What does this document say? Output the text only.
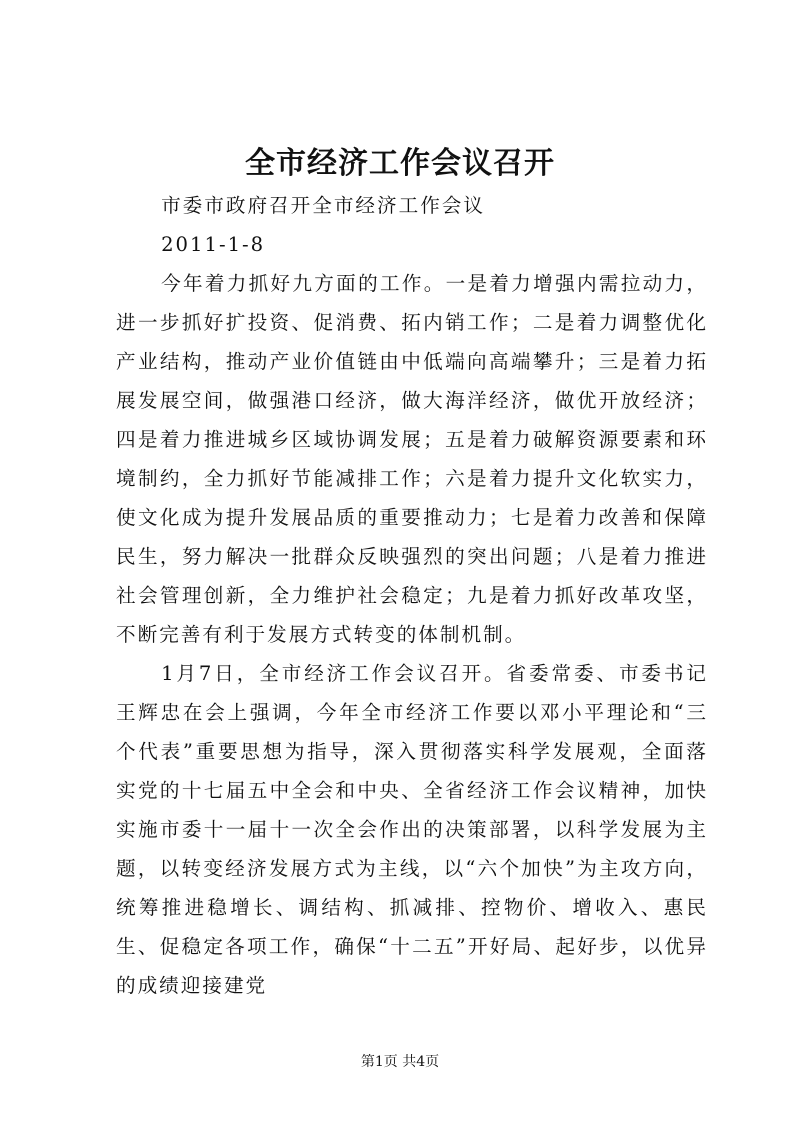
全市经济工作会议召开

市委市政府召开全市经济工作会议

2011-1-8

今年着力抓好九方面的工作。一是着力增强内需拉动力，进一步抓好扩投资、促消费、拓内销工作；二是着力调整优化产业结构，推动产业价值链由中低端向高端攀升；三是着力拓展发展空间，做强港口经济，做大海洋经济，做优开放经济；四是着力推进城乡区域协调发展；五是着力破解资源要素和环境制约，全力抓好节能减排工作；六是着力提升文化软实力，使文化成为提升发展品质的重要推动力；七是着力改善和保障民生，努力解决一批群众反映强烈的突出问题；八是着力推进社会管理创新，全力维护社会稳定；九是着力抓好改革攻坚，不断完善有利于发展方式转变的体制机制。

1月7日，全市经济工作会议召开。省委常委、市委书记王辉忠在会上强调，今年全市经济工作要以邓小平理论和“三个代表”重要思想为指导，深入贯彻落实科学发展观，全面落实党的十七届五中全会和中央、全省经济工作会议精神，加快实施市委十一届十一次全会作出的决策部署，以科学发展为主题，以转变经济发展方式为主线，以“六个加快”为主攻方向，统筹推进稳增长、调结构、抓减排、控物价、增收入、惠民生、促稳定各项工作，确保“十二五”开好局、起好步，以优异的成绩迎接建党

第1页 共4页
